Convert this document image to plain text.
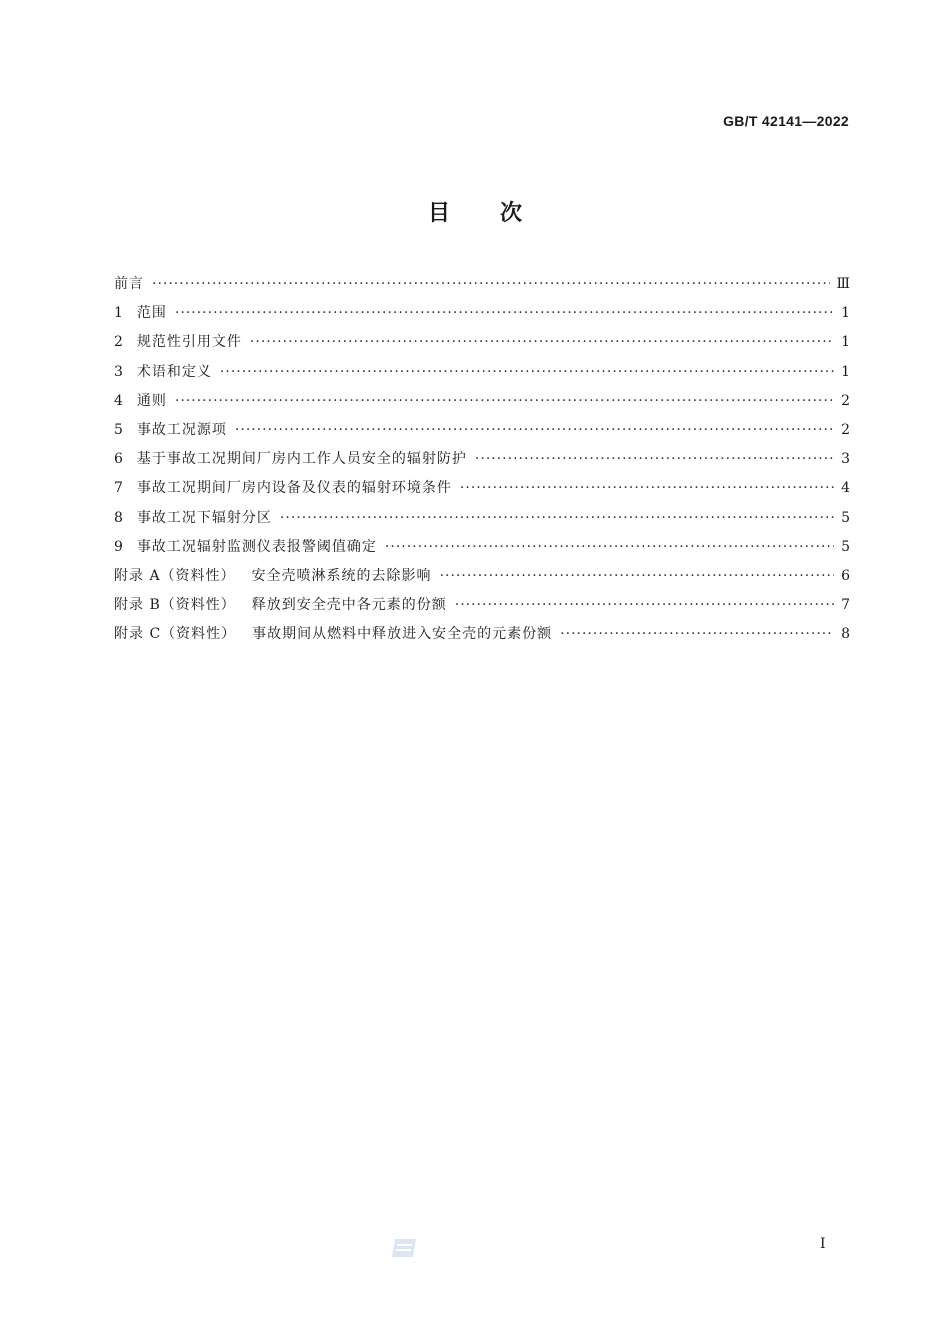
GB/T 42141—2022
目次
前言 ·····	Ⅲ
1 范围 ·····	1
2 规范性引用文件 ·····	1
3 术语和定义 ·····	1
4 通则 ·····	2
5 事故工况源项 ·····	2
6 基于事故工况期间厂房内工作人员安全的辐射防护 ·····	3
7 事故工况期间厂房内设备及仪表的辐射环境条件 ·····	4
8 事故工况下辐射分区 ·····	5
9 事故工况辐射监测仪表报警阈值确定 ·····	5
附录 A（资料性） 安全壳喷淋系统的去除影响 ·····	6
附录 B（资料性） 释放到安全壳中各元素的份额 ·····	7
附录 C（资料性） 事故期间从燃料中释放进入安全壳的元素份额 ·····	8
I
